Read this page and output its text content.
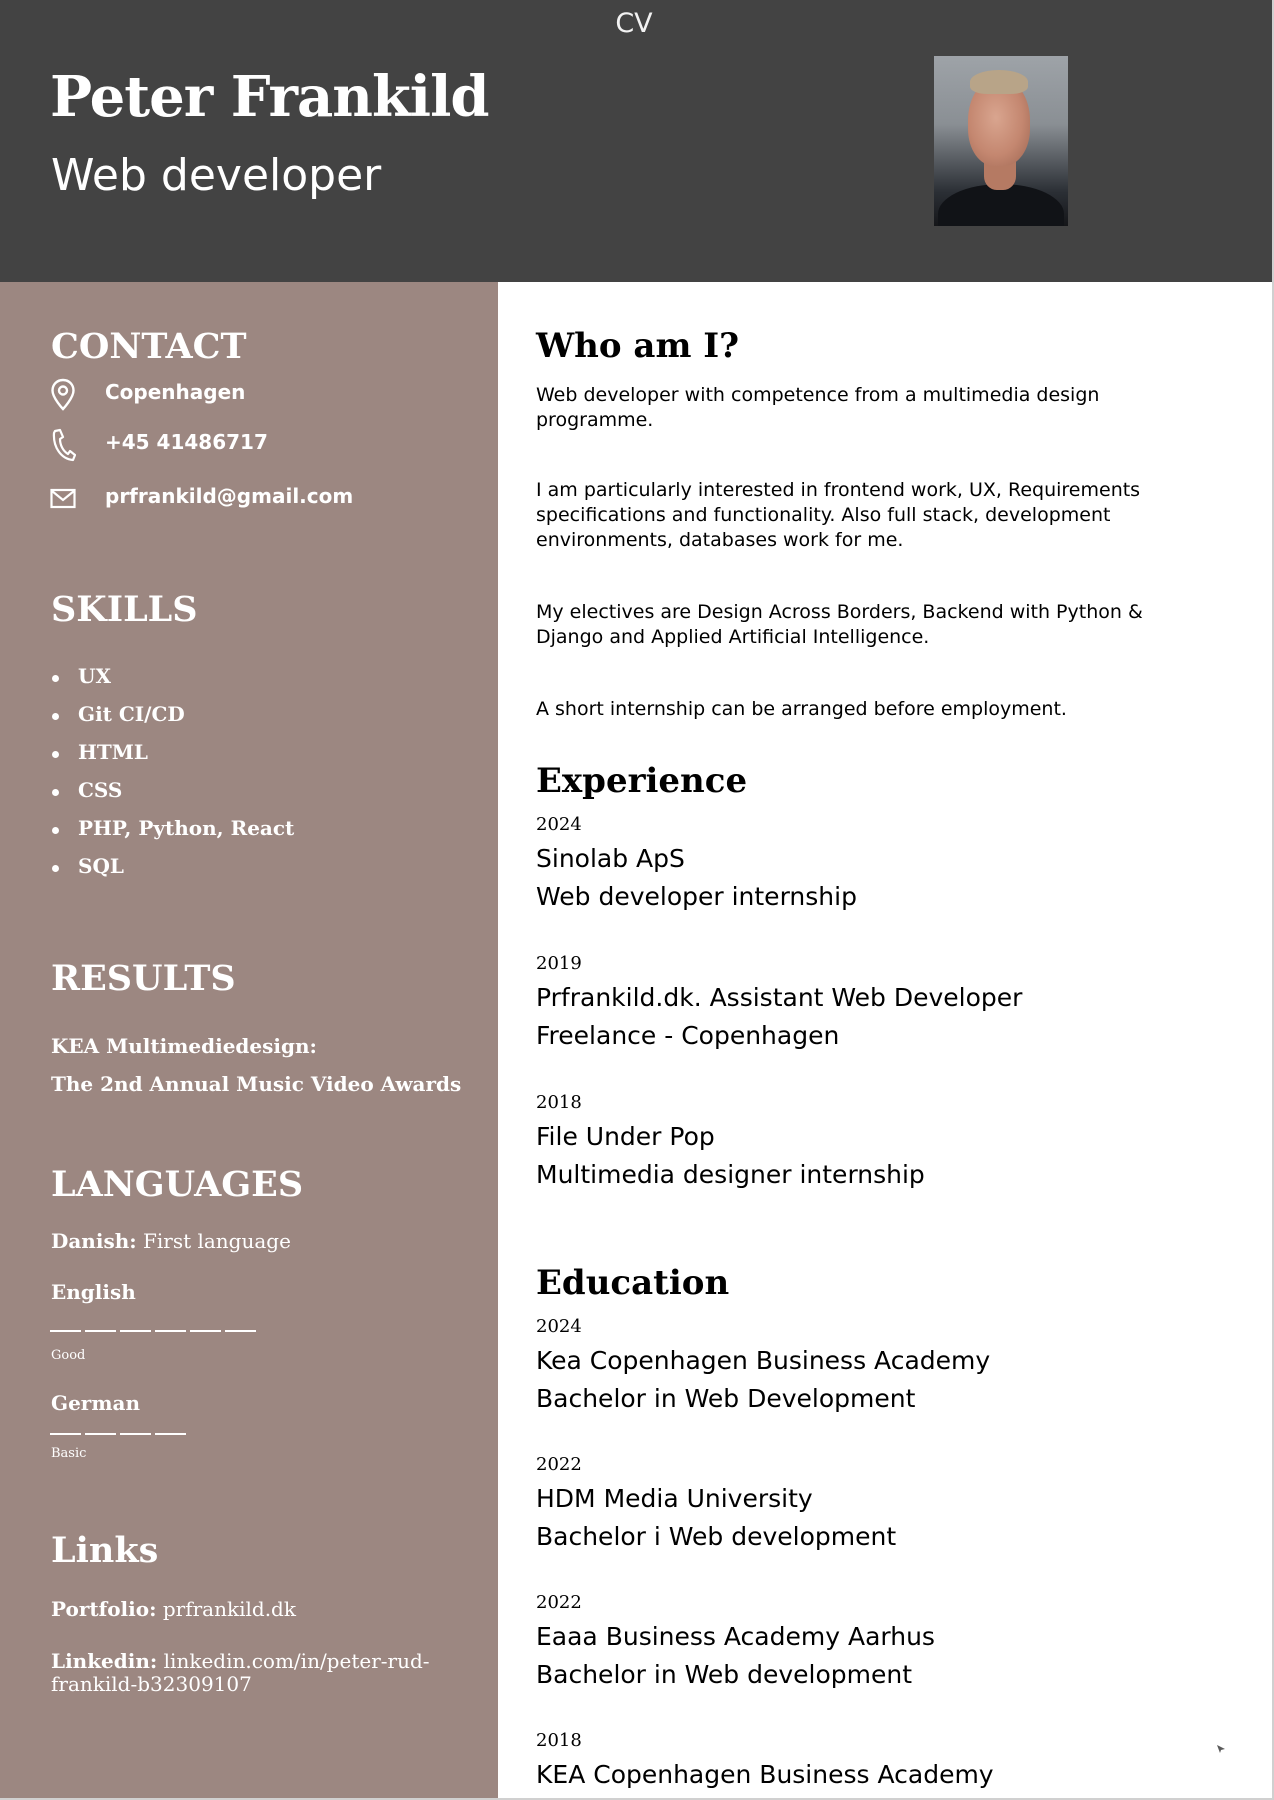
CV
Peter Frankild
Web developer
CONTACT
Copenhagen
+45 41486717
prfrankild@gmail.com
SKILLS
UX
Git CI/CD
HTML
CSS
PHP, Python, React
SQL
RESULTS
KEA Multimediedesign:
The 2nd Annual Music Video Awards
LANGUAGES
Danish: First language
English
Good
German
Basic
Links
Portfolio: prfrankild.dk
Linkedin: linkedin.com/in/peter-rud-frankild-b32309107
Who am I?

Web developer with competence from a multimedia design programme.

I am particularly interested in frontend work, UX, Requirements specifications and functionality. Also full stack, development environments, databases work for me.

My electives are Design Across Borders, Backend with Python & Django and Applied Artificial Intelligence.

A short internship can be arranged before employment.

Experience
2024
Sinolab ApS
Web developer internship
2019
Prfrankild.dk. Assistant Web Developer
Freelance - Copenhagen
2018
File Under Pop
Multimedia designer internship
Education
2024
Kea Copenhagen Business Academy
Bachelor in Web Development
2022
HDM Media University
Bachelor i Web development
2022
Eaaa Business Academy Aarhus
Bachelor in Web development
2018
KEA Copenhagen Business Academy
